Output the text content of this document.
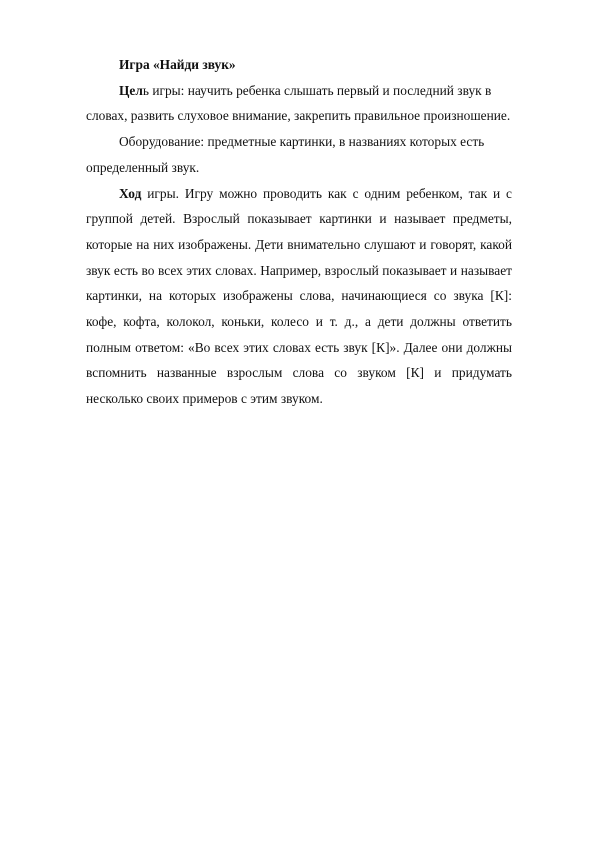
Игра «Найди звук»

Цель игры: научить ребенка слышать первый и последний звук в словах, развить слуховое внимание, закрепить правильное произношение.

Оборудование: предметные картинки, в названиях которых есть определенный звук.

Ход игры. Игру можно проводить как с одним ребенком, так и с группой детей. Взрослый показывает картинки и называет предметы, которые на них изображены. Дети внимательно слушают и говорят, какой звук есть во всех этих словах. Например, взрослый показывает и называет картинки, на которых изображены слова, начинающиеся со звука [К]: кофе, кофта, колокол, коньки, колесо и т. д., а дети должны ответить полным ответом: «Во всех этих словах есть звук [К]». Далее они должны вспомнить названные взрослым слова со звуком [К] и придумать несколько своих примеров с этим звуком.
